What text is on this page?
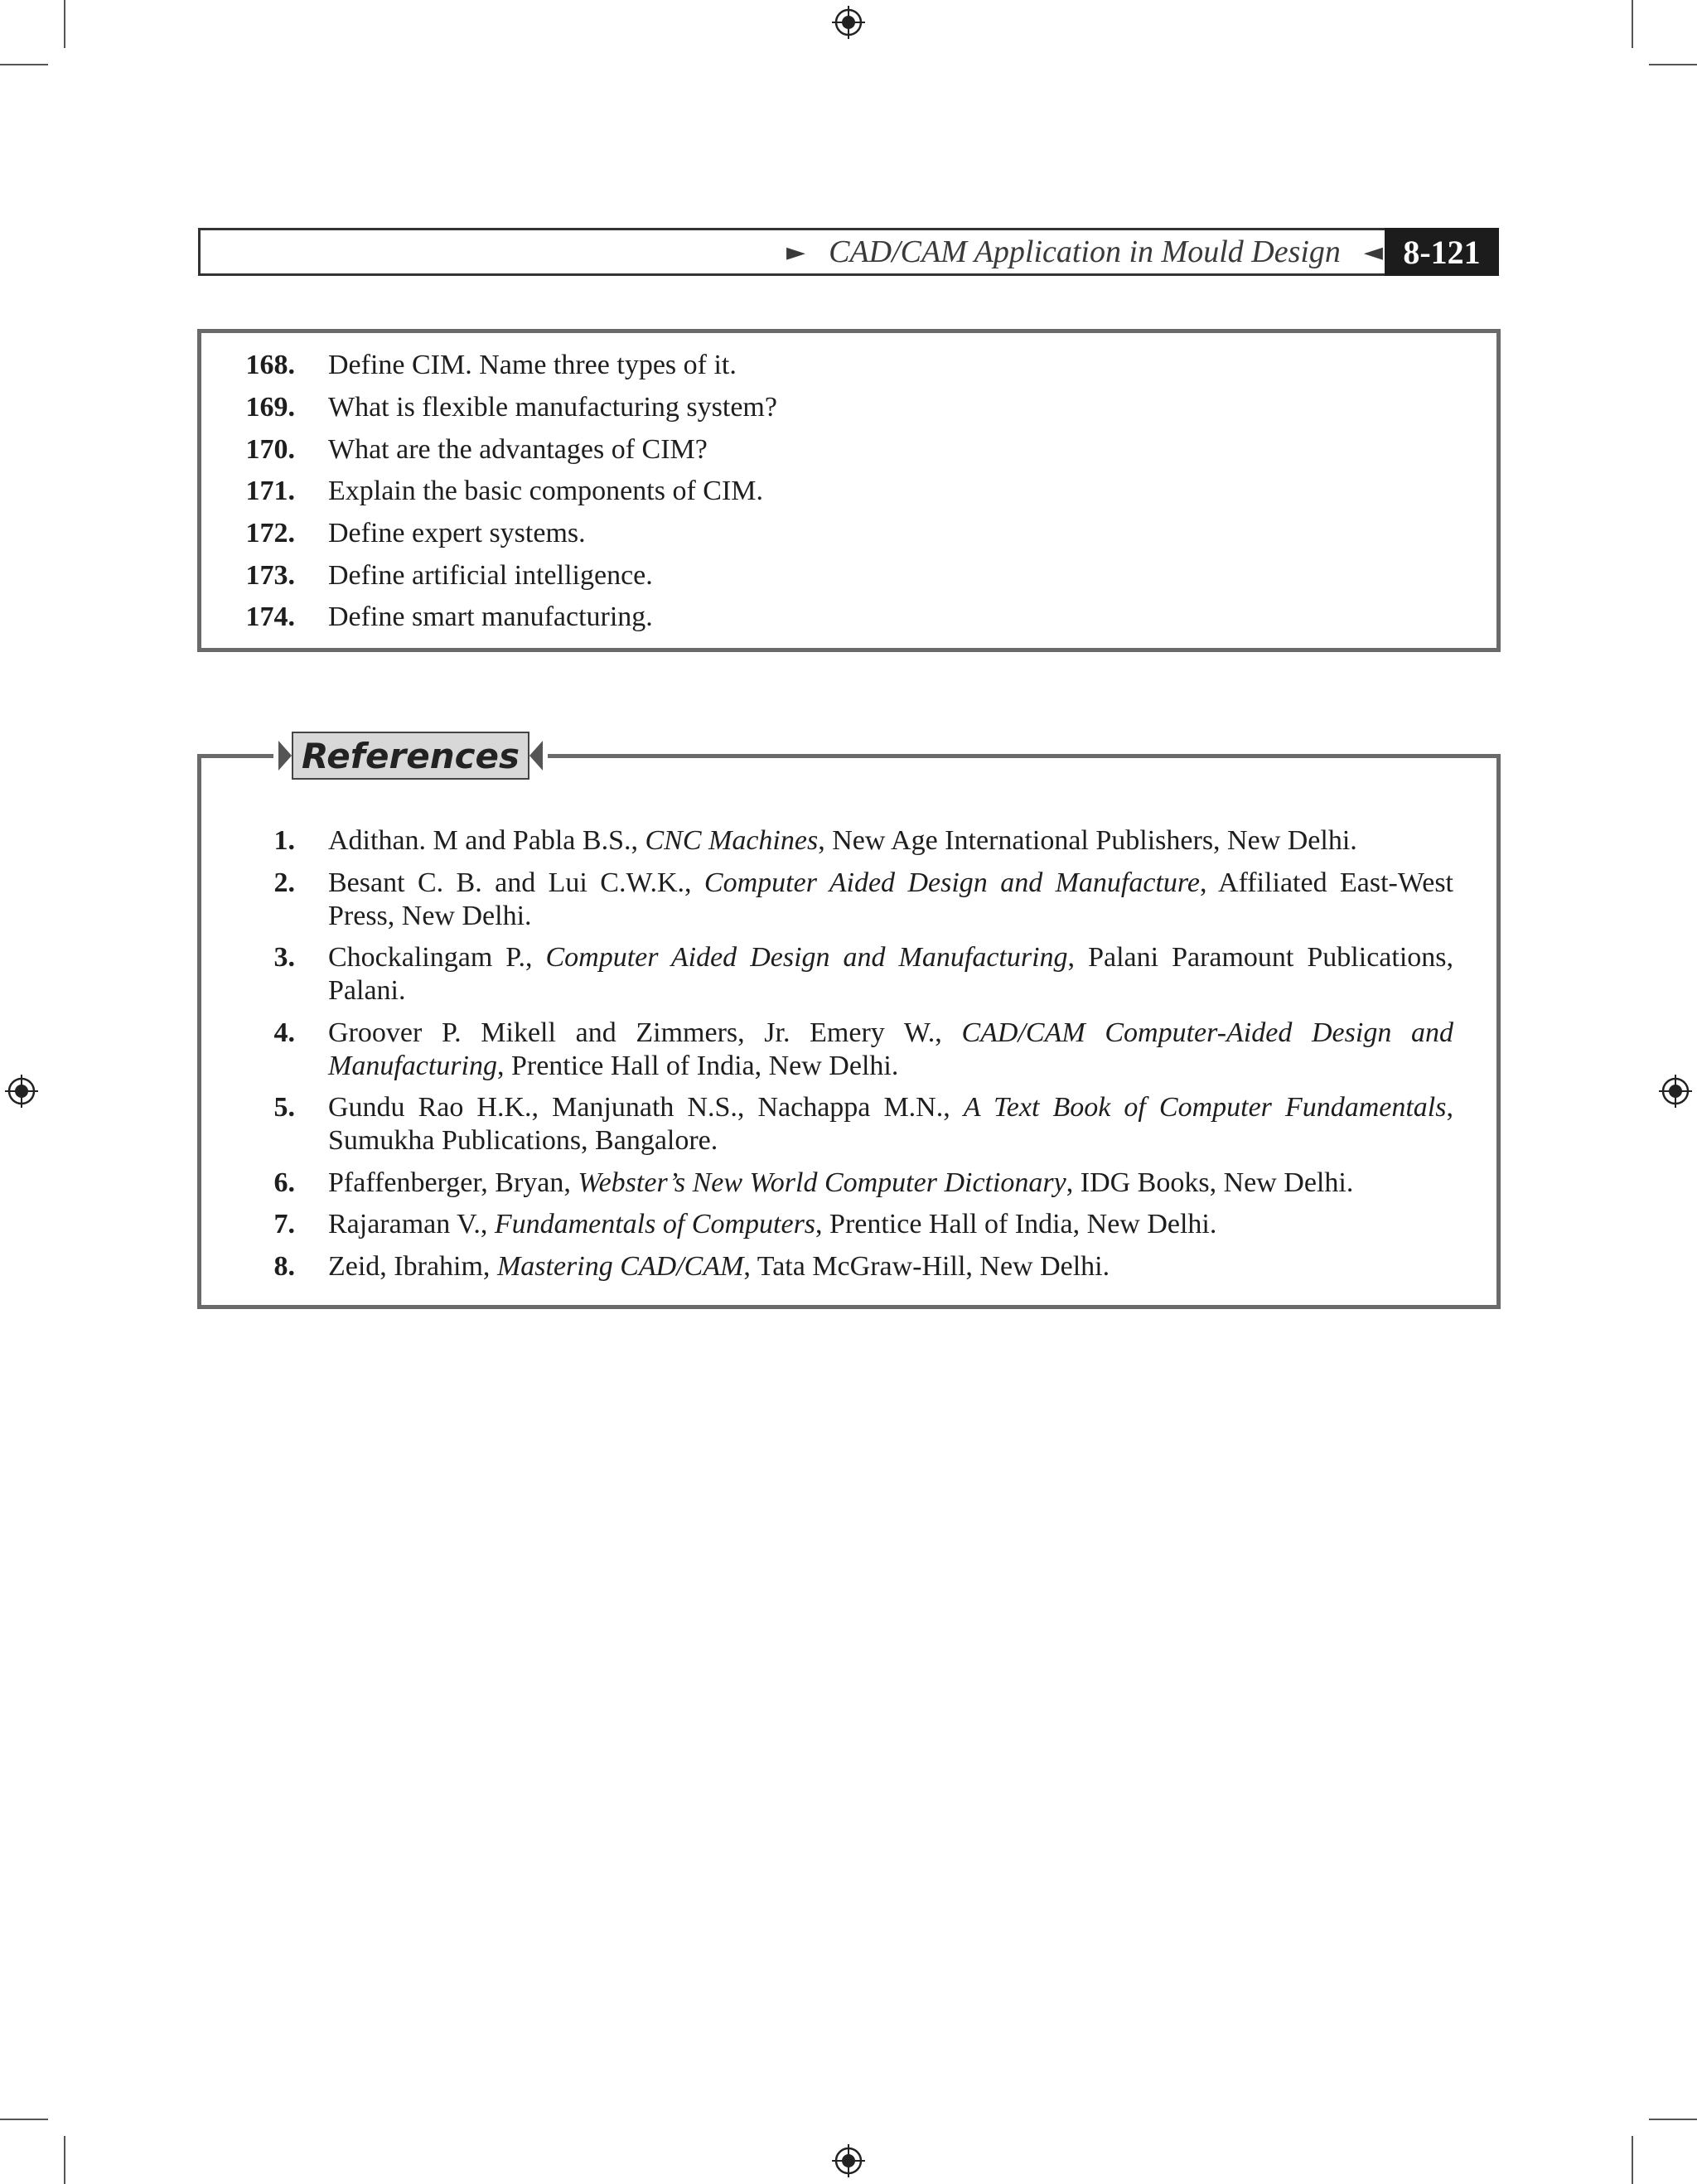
► CAD/CAM Application in Mould Design ◄ 8-121
168. Define CIM. Name three types of it.
169. What is flexible manufacturing system?
170. What are the advantages of CIM?
171. Explain the basic components of CIM.
172. Define expert systems.
173. Define artificial intelligence.
174. Define smart manufacturing.
1. Adithan. M and Pabla B.S., CNC Machines, New Age International Publishers, New Delhi.
2. Besant C. B. and Lui C.W.K., Computer Aided Design and Manufacture, Affiliated East-West Press, New Delhi.
3. Chockalingam P., Computer Aided Design and Manufacturing, Palani Paramount Publications, Palani.
4. Groover P. Mikell and Zimmers, Jr. Emery W., CAD/CAM Computer-Aided Design and Manufacturing, Prentice Hall of India, New Delhi.
5. Gundu Rao H.K., Manjunath N.S., Nachappa M.N., A Text Book of Computer Fundamentals, Sumukha Publications, Bangalore.
6. Pfaffenberger, Bryan, Webster’s New World Computer Dictionary, IDG Books, New Delhi.
7. Rajaraman V., Fundamentals of Computers, Prentice Hall of India, New Delhi.
8. Zeid, Ibrahim, Mastering CAD/CAM, Tata McGraw-Hill, New Delhi.
References
